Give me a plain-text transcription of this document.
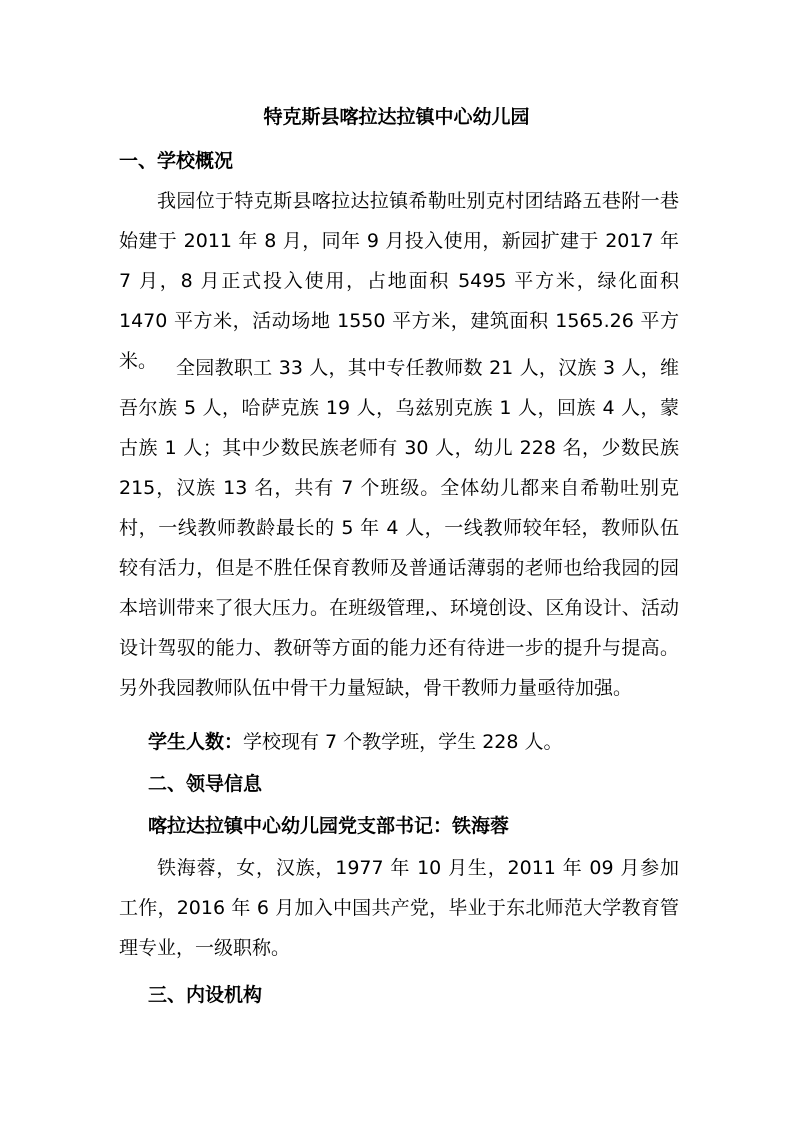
特克斯县喀拉达拉镇中心幼儿园
一、学校概况

我园位于特克斯县喀拉达拉镇希勒吐别克村团结路五巷附一巷始建于 2011 年 8 月，同年 9 月投入使用，新园扩建于 2017 年 7 月，8 月正式投入使用，占地面积 5495 平方米，绿化面积 1470 平方米，活动场地 1550 平方米，建筑面积 1565.26 平方米。 全园教职工 33 人，其中专任教师数 21 人，汉族 3 人，维吾尔族 5 人，哈萨克族 19 人，乌兹别克族 1 人，回族 4 人，蒙古族 1 人；其中少数民族老师有 30 人，幼儿 228 名，少数民族 215，汉族 13 名，共有 7 个班级。全体幼儿都来自希勒吐别克村，一线教师教龄最长的 5 年 4 人，一线教师较年轻，教师队伍较有活力，但是不胜任保育教师及普通话薄弱的老师也给我园的园本培训带来了很大压力。在班级管理,、环境创设、区角设计、活动设计驾驭的能力、教研等方面的能力还有待进一步的提升与提高。另外我园教师队伍中骨干力量短缺，骨干教师力量亟待加强。

学生人数：学校现有 7 个教学班，学生 228 人。
二、领导信息
喀拉达拉镇中心幼儿园党支部书记：铁海蓉

铁海蓉，女，汉族，1977 年 10 月生，2011 年 09 月参加工作，2016 年 6 月加入中国共产党，毕业于东北师范大学教育管理专业，一级职称。

三、内设机构
